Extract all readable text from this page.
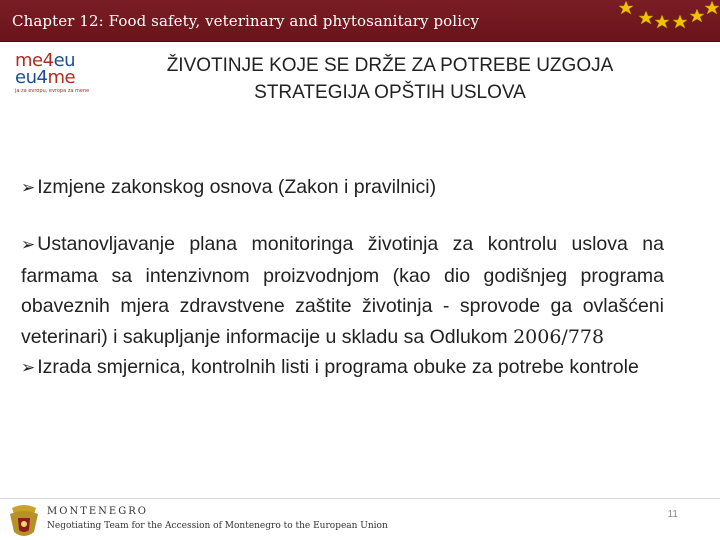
Chapter 12: Food safety, veterinary and phytosanitary policy
me4eu
eu4me
ja za evropu, evropa za mene
ŽIVOTINJE KOJE SE DRŽE ZA POTREBE UZGOJA
STRATEGIJA OPŠTIH USLOVA
➢ Izmjene zakonskog osnova (Zakon i pravilnici)
➢ Ustanovljavanje plana monitoringa životinja za kontrolu uslova na farmama sa intenzivnom proizvodnjom (kao dio godišnjeg programa obaveznih mjera zdravstvene zaštite životinja - sprovode ga ovlašćeni veterinari) i sakupljanje informacije u skladu sa Odlukom 2006/778
➢ Izrada smjernica, kontrolnih listi i programa obuke za potrebe kontrole
MONTENEGRO
Negotiating Team for the Accession of Montenegro to the European Union
11
